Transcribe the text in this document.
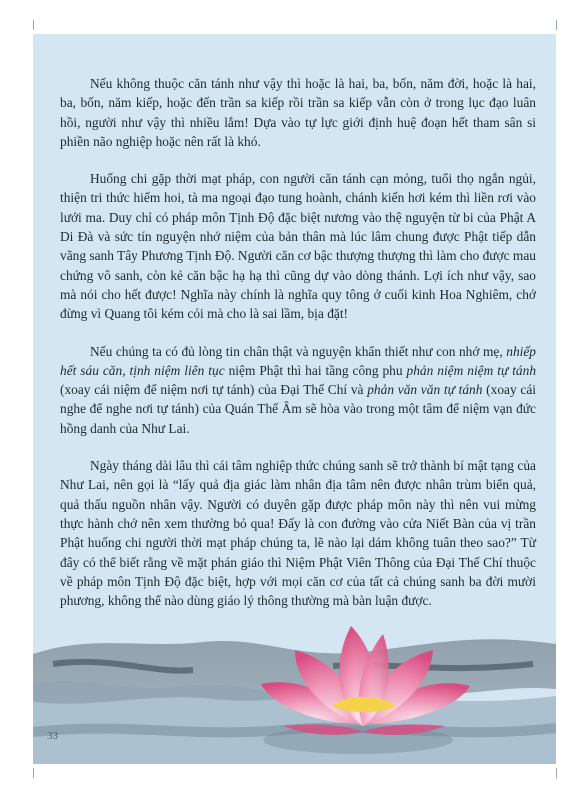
Nếu không thuộc căn tánh như vậy thì hoặc là hai, ba, bốn, năm đời, hoặc là hai, ba, bốn, năm kiếp, hoặc đến trần sa kiếp rồi trần sa kiếp vẫn còn ở trong lục đạo luân hồi, người như vậy thì nhiều lắm! Dựa vào tự lực giới định huệ đoạn hết tham sân si phiền não nghiệp hoặc nên rất là khó.

Huống chi gặp thời mạt pháp, con người căn tánh cạn mỏng, tuổi thọ ngắn ngủi, thiện tri thức hiếm hoi, tà ma ngoại đạo tung hoành, chánh kiến hơi kém thì liền rơi vào lưới ma. Duy chỉ có pháp môn Tịnh Độ đặc biệt nương vào thệ nguyện từ bi của Phật A Di Đà và sức tín nguyện nhớ niệm của bản thân mà lúc lâm chung được Phật tiếp dẫn vãng sanh Tây Phương Tịnh Độ. Người căn cơ bậc thượng thượng thì làm cho được mau chứng vô sanh, còn kẻ căn bậc hạ hạ thì cũng dự vào dòng thánh. Lợi ích như vậy, sao mà nói cho hết được! Nghĩa này chính là nghĩa quy tông ở cuối kinh Hoa Nghiêm, chớ đừng vì Quang tôi kém cỏi mà cho là sai lầm, bịa đặt!

Nếu chúng ta có đủ lòng tin chân thật và nguyện khẩn thiết như con nhớ mẹ, nhiếp hết sáu căn, tịnh niệm liên tục niệm Phật thì hai tầng công phu phản niệm niệm tự tánh (xoay cái niệm để niệm nơi tự tánh) của Đại Thế Chí và phản văn văn tự tánh (xoay cái nghe để nghe nơi tự tánh) của Quán Thế Âm sẽ hòa vào trong một tâm để niệm vạn đức hồng danh của Như Lai.

Ngày tháng dài lâu thì cái tâm nghiệp thức chúng sanh sẽ trở thành bí mật tạng của Như Lai, nên gọi là “lấy quả địa giác làm nhân địa tâm nên được nhân trùm biển quả, quả thấu nguồn nhân vậy. Người có duyên gặp được pháp môn này thì nên vui mừng thực hành chớ nên xem thường bỏ qua! Đấy là con đường vào cửa Niết Bàn của vị trần Phật huống chi người thời mạt pháp chúng ta, lẽ nào lại dám không tuân theo sao?” Từ đây có thể biết rằng về mặt phán giáo thì Niệm Phật Viên Thông của Đại Thế Chí thuộc về pháp môn Tịnh Độ đặc biệt, hợp với mọi căn cơ của tất cả chúng sanh ba đời mười phương, không thể nào dùng giáo lý thông thường mà bàn luận được.

33
